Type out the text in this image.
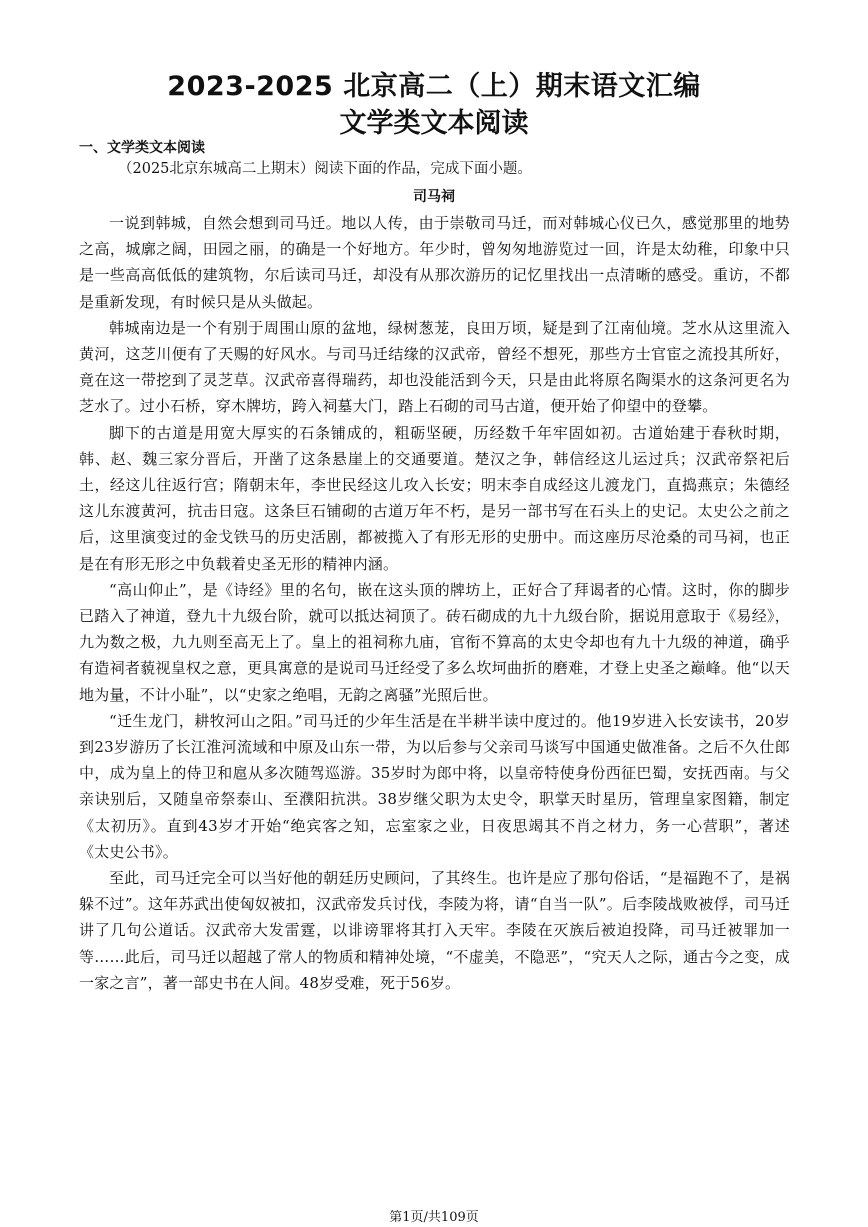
2023-2025 北京高二（上）期末语文汇编
文学类文本阅读
一、文学类文本阅读
（2025北京东城高二上期末）阅读下面的作品，完成下面小题。
司马祠

一说到韩城，自然会想到司马迁。地以人传，由于崇敬司马迁，而对韩城心仪已久，感觉那里的地势之高，城廓之阔，田园之丽，的确是一个好地方。年少时，曾匆匆地游览过一回，许是太幼稚，印象中只是一些高高低低的建筑物，尔后读司马迁，却没有从那次游历的记忆里找出一点清晰的感受。重访，不都是重新发现，有时候只是从头做起。

韩城南边是一个有别于周围山原的盆地，绿树葱茏，良田万顷，疑是到了江南仙境。芝水从这里流入黄河，这芝川便有了天赐的好风水。与司马迁结缘的汉武帝，曾经不想死，那些方士官宦之流投其所好，竟在这一带挖到了灵芝草。汉武帝喜得瑞药，却也没能活到今天，只是由此将原名陶渠水的这条河更名为芝水了。过小石桥，穿木牌坊，跨入祠墓大门，踏上石砌的司马古道，便开始了仰望中的登攀。

脚下的古道是用宽大厚实的石条铺成的，粗砺坚硬，历经数千年牢固如初。古道始建于春秋时期，韩、赵、魏三家分晋后，开凿了这条悬崖上的交通要道。楚汉之争，韩信经这儿运过兵；汉武帝祭祀后土，经这儿往返行宫；隋朝末年，李世民经这儿攻入长安；明末李自成经这儿渡龙门，直捣燕京；朱德经这儿东渡黄河，抗击日寇。这条巨石铺砌的古道万年不朽，是另一部书写在石头上的史记。太史公之前之后，这里演变过的金戈铁马的历史活剧，都被揽入了有形无形的史册中。而这座历尽沧桑的司马祠，也正是在有形无形之中负载着史圣无形的精神内涵。

“高山仰止”，是《诗经》里的名句，嵌在这头顶的牌坊上，正好合了拜谒者的心情。这时，你的脚步已踏入了神道，登九十九级台阶，就可以抵达祠顶了。砖石砌成的九十九级台阶，据说用意取于《易经》，九为数之极，九九则至高无上了。皇上的祖祠称九庙，官衔不算高的太史令却也有九十九级的神道，确乎有造祠者藐视皇权之意，更具寓意的是说司马迁经受了多么坎坷曲折的磨难，才登上史圣之巅峰。他“以天地为量，不计小耻”，以“史家之绝唱，无韵之离骚”光照后世。

“迁生龙门，耕牧河山之阳。”司马迁的少年生活是在半耕半读中度过的。他19岁进入长安读书，20岁到23岁游历了长江淮河流域和中原及山东一带，为以后参与父亲司马谈写中国通史做准备。之后不久仕郎中，成为皇上的侍卫和扈从多次随驾巡游。35岁时为郎中将，以皇帝特使身份西征巴蜀，安抚西南。与父亲诀别后，又随皇帝祭泰山、至濮阳抗洪。38岁继父职为太史令，职掌天时星历，管理皇家图籍，制定《太初历》。直到43岁才开始“绝宾客之知，忘室家之业，日夜思竭其不肖之材力，务一心营职”，著述《太史公书》。

至此，司马迁完全可以当好他的朝廷历史顾问，了其终生。也许是应了那句俗话，“是福跑不了，是祸躲不过”。这年苏武出使匈奴被扣，汉武帝发兵讨伐，李陵为将，请“自当一队”。后李陵战败被俘，司马迁讲了几句公道话。汉武帝大发雷霆，以诽谤罪将其打入天牢。李陵在灭族后被迫投降，司马迁被罪加一等……此后，司马迁以超越了常人的物质和精神处境，“不虚美，不隐恶”，“究天人之际，通古今之变，成一家之言”，著一部史书在人间。48岁受难，死于56岁。

第1页/共109页
